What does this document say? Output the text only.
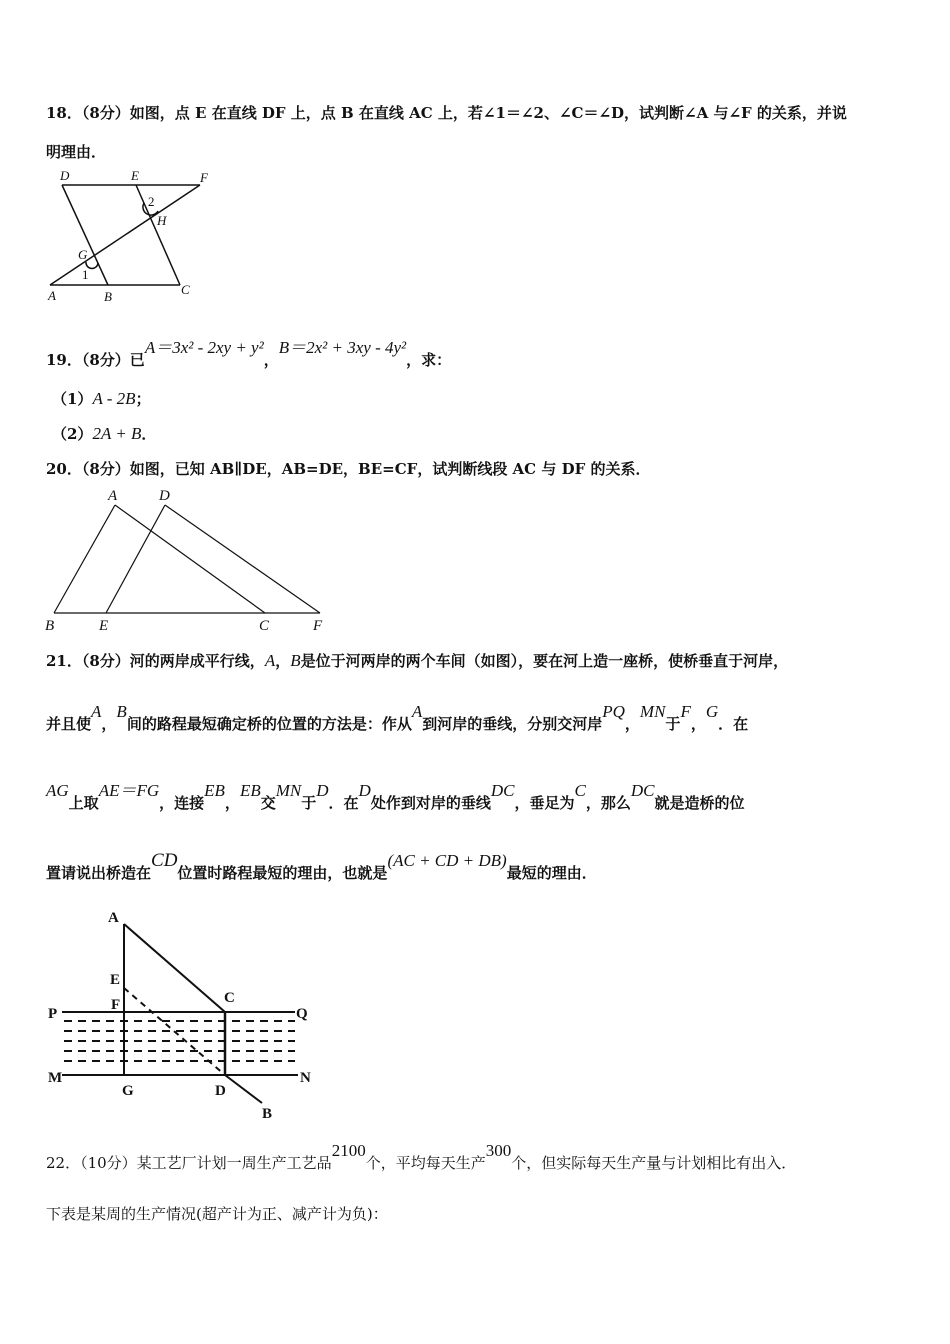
18．（8分）如图，点 E 在直线 DF 上，点 B 在直线 AC 上，若∠1＝∠2、∠C＝∠D，试判断∠A 与∠F 的关系，并说
明理由．
D	E	F
H
G
A	B	C
1
2
19．（8分）已A＝3x² - 2xy + y²，B＝2x² + 3xy - 4y²，求：
（1）A - 2B；
（2）2A + B．
20．（8分）如图，已知 AB∥DE，AB=DE，BE=CF，试判断线段 AC 与 DF 的关系．
A	D
B	E	C	F
21．（8分）河的两岸成平行线，A，B是位于河两岸的两个车间（如图），要在河上造一座桥，使桥垂直于河岸，
并且使A，B间的路程最短确定桥的位置的方法是：作从A到河岸的垂线，分别交河岸PQ，MN于F，G．在
AG上取AE＝FG，连接EB，EB交MN于D．在D处作到对岸的垂线DC，垂足为C，那么DC就是造桥的位
置请说出桥造在CD位置时路程最短的理由，也就是(AC + CD + DB)最短的理由．
A
E
F	C
P	Q
M	N
G	D
B
22．（10分）某工艺厂计划一周生产工艺品2100个，平均每天生产300个，但实际每天生产量与计划相比有出入．
下表是某周的生产情况(超产计为正、减产计为负)：
